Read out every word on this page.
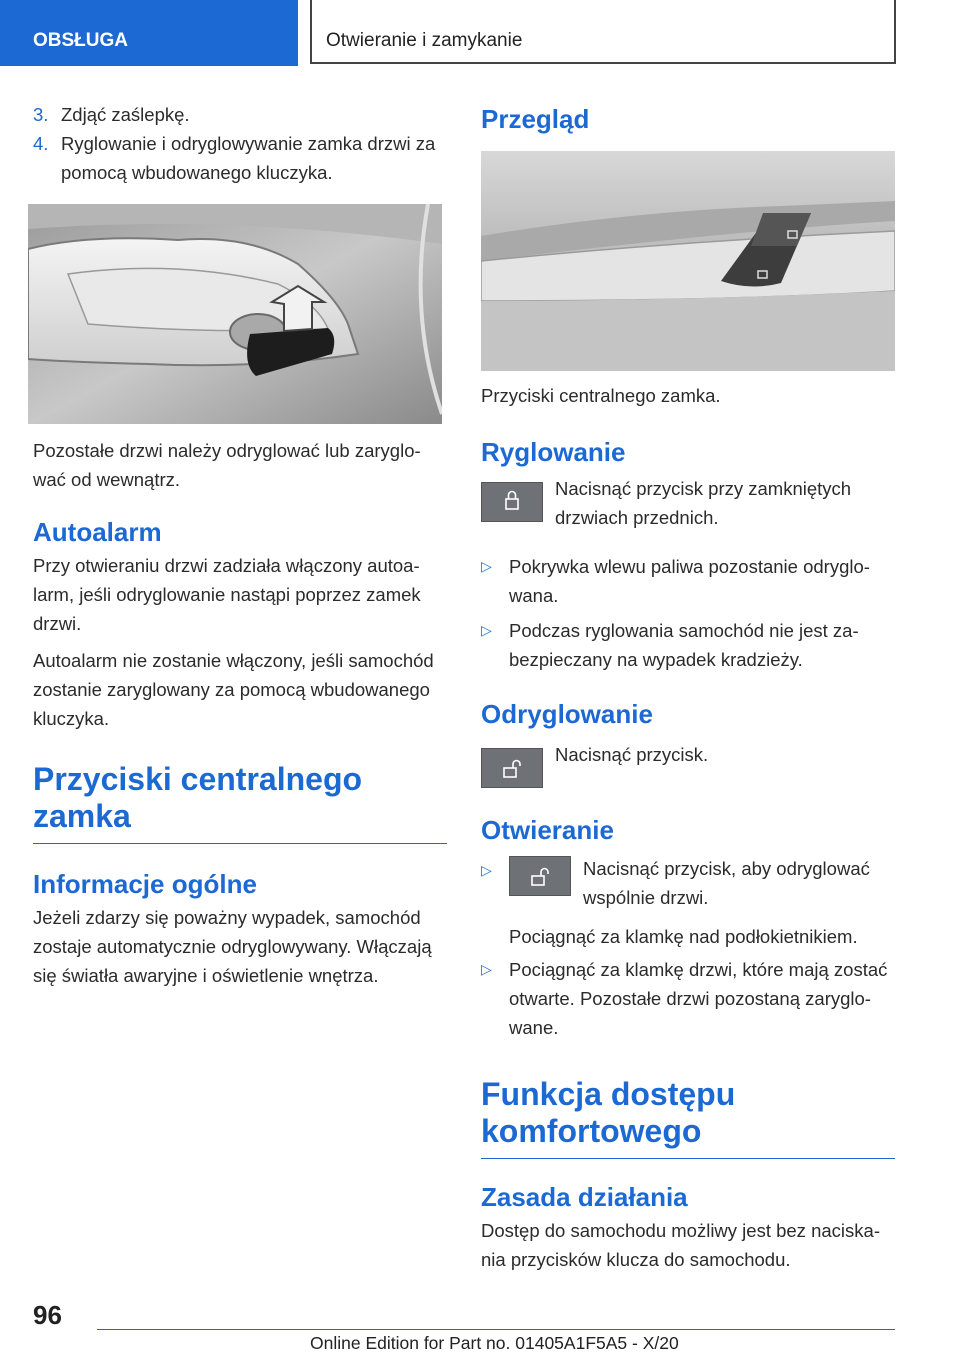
OBSŁUGA	Otwieranie i zamykanie
3. Zdjąć zaślepkę.
4. Ryglowanie i odryglowywanie zamka drzwi za pomocą wbudowanego kluczyka.

Pozostałe drzwi należy odryglować lub zaryglować od wewnątrz.

Autoalarm

Przy otwieraniu drzwi zadziała włączony autoalarm, jeśli odryglowanie nastąpi poprzez zamek drzwi.

Autoalarm nie zostanie włączony, jeśli samochód zostanie zaryglowany za pomocą wbudowanego kluczyka.

Przyciski centralnego zamka
Informacje ogólne

Jeżeli zdarzy się poważny wypadek, samochód zostaje automatycznie odryglowywany. Włączają się światła awaryjne i oświetlenie wnętrza.

Przegląd

Przyciski centralnego zamka.

Ryglowanie
Nacisnąć przycisk przy zamkniętych drzwiach przednich.
▷ Pokrywka wlewu paliwa pozostanie odryglowana.
▷ Podczas ryglowania samochód nie jest zabezpieczany na wypadek kradzieży.
Odryglowanie
Nacisnąć przycisk.
Otwieranie
▷	Nacisnąć przycisk, aby odryglować wspólnie drzwi.

Pociągnąć za klamkę nad podłokietnikiem.

▷ Pociągnąć za klamkę drzwi, które mają zostać otwarte. Pozostałe drzwi pozostaną zaryglowane.
Funkcja dostępu komfortowego
Zasada działania

Dostęp do samochodu możliwy jest bez naciskania przycisków klucza do samochodu.

96
Online Edition for Part no. 01405A1F5A5 - X/20
